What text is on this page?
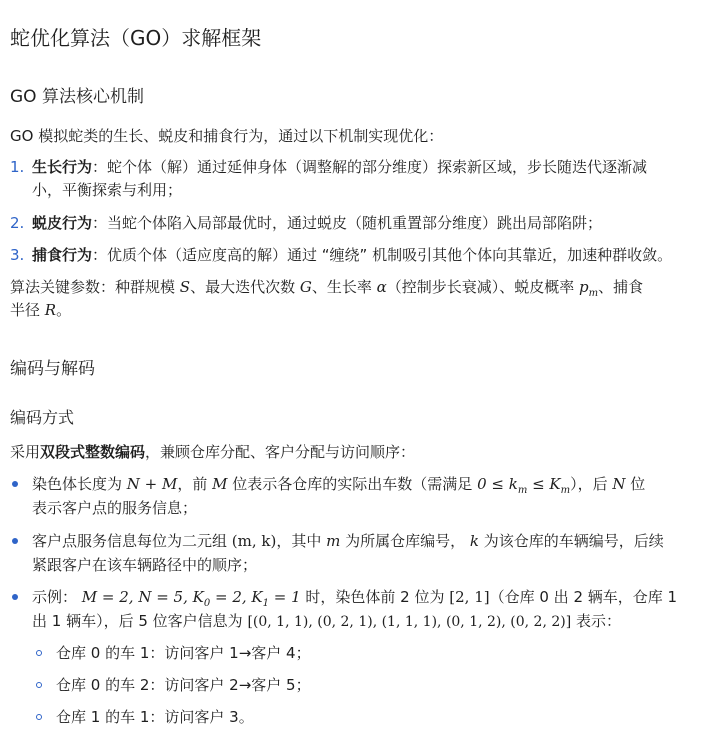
蛇优化算法（GO）求解框架
GO 算法核心机制
GO 模拟蛇类的生长、蜕皮和捕食行为，通过以下机制实现优化：
1. 生长行为：蛇个体（解）通过延伸身体（调整解的部分维度）探索新区域，步长随迭代逐渐减
小，平衡探索与利用；
2. 蜕皮行为：当蛇个体陷入局部最优时，通过蜕皮（随机重置部分维度）跳出局部陷阱；
3. 捕食行为：优质个体（适应度高的解）通过 “缠绕” 机制吸引其他个体向其靠近，加速种群收敛。
算法关键参数：种群规模 S、最大迭代次数 G、生长率 α（控制步长衰减）、蜕皮概率 $p_m$、捕食
半径 R。
编码与解码
编码方式
采用双段式整数编码，兼顾仓库分配、客户分配与访问顺序：
染色体长度为 N + M，前 M 位表示各仓库的实际出车数（需满足 $0 \le k_m \le K_m$），后 N 位
表示客户点的服务信息；
客户点服务信息每位为二元组 (m, k)，其中 m 为所属仓库编号， k 为该仓库的车辆编号，后续
紧跟客户在该车辆路径中的顺序；
示例： M = 2, N = 5, $K_0 = 2$, $K_1 = 1$ 时，染色体前 2 位为 [2, 1]（仓库 0 出 2 辆车，仓库 1
出 1 辆车），后 5 位客户信息为 [(0, 1, 1), (0, 2, 1), (1, 1, 1), (0, 1, 2), (0, 2, 2)] 表示：
仓库 0 的车 1：访问客户 1→客户 4；
仓库 0 的车 2：访问客户 2→客户 5；
仓库 1 的车 1：访问客户 3。
